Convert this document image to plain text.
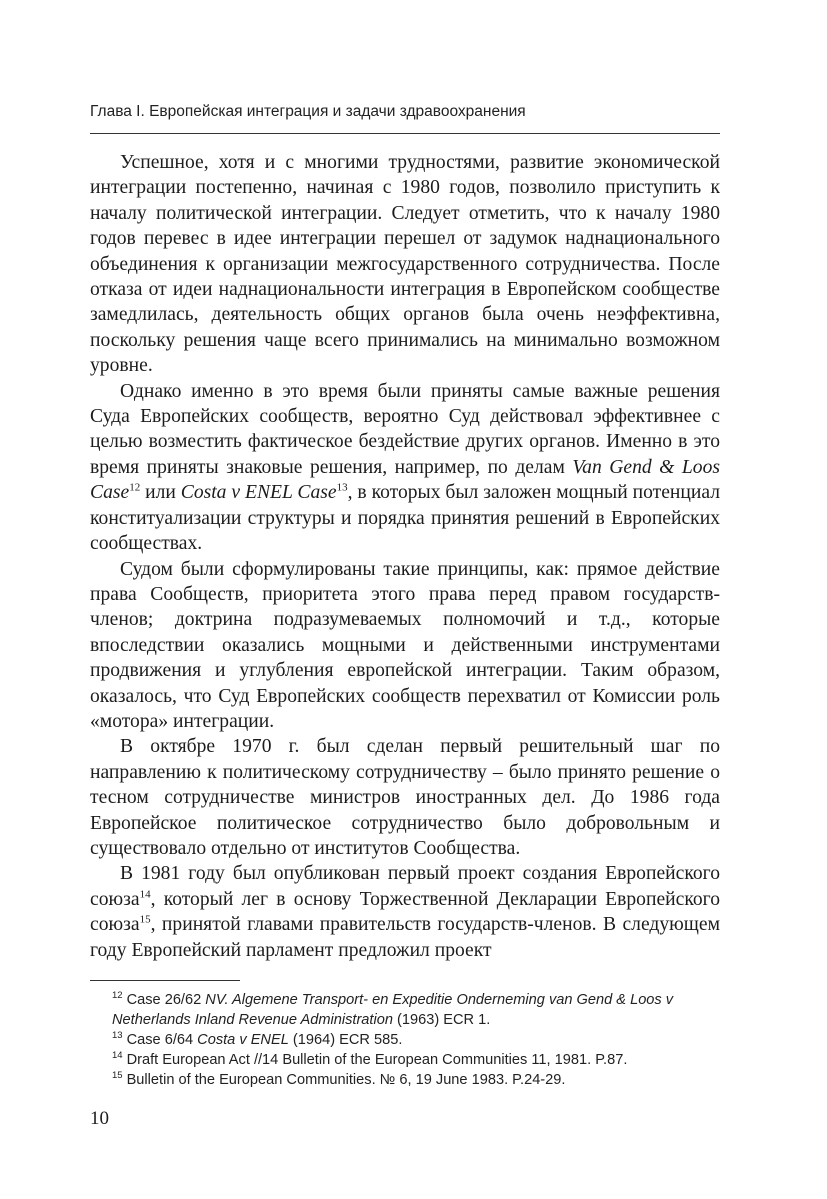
Глава I. Европейская интеграция и задачи здравоохранения

Успешное, хотя и с многими трудностями, развитие экономической интеграции постепенно, начиная с 1980 годов, позволило приступить к началу политической интеграции. Следует отметить, что к началу 1980 годов перевес в идее интеграции перешел от задумок наднационального объединения к организации межгосударственного сотрудничества. После отказа от идеи наднациональности интеграция в Европейском сообществе замедлилась, деятельность общих органов была очень неэффективна, поскольку решения чаще всего принимались на минимально возможном уровне.

Однако именно в это время были приняты самые важные решения Суда Европейских сообществ, вероятно Суд действовал эффективнее с целью возместить фактическое бездействие других органов. Именно в это время приняты знаковые решения, например, по делам Van Gend & Loos Case$^{12}$ или Costa v ENEL Case$^{13}$, в которых был заложен мощный потенциал конституализации структуры и порядка принятия решений в Европейских сообществах.

Судом были сформулированы такие принципы, как: прямое действие права Сообществ, приоритета этого права перед правом государств-членов; доктрина подразумеваемых полномочий и т.д., которые впоследствии оказались мощными и действенными инструментами продвижения и углубления европейской интеграции. Таким образом, оказалось, что Суд Европейских сообществ перехватил от Комиссии роль «мотора» интеграции.

В октябре 1970 г. был сделан первый решительный шаг по направлению к политическому сотрудничеству – было принято решение о тесном сотрудничестве министров иностранных дел. До 1986 года Европейское политическое сотрудничество было добровольным и существовало отдельно от институтов Сообщества.

В 1981 году был опубликован первый проект создания Европейского союза$^{14}$, который лег в основу Торжественной Декларации Европейского союза$^{15}$, принятой главами правительств государств-членов. В следующем году Европейский парламент предложил проект

$^{12}$ Case 26/62 NV. Algemene Transport- en Expeditie Onderneming van Gend & Loos v Netherlands Inland Revenue Administration (1963) ECR 1.

$^{13}$ Case 6/64 Costa v ENEL (1964) ECR 585.

$^{14}$ Draft European Act //14 Bulletin of the European Communities 11, 1981. P.87.

$^{15}$ Bulletin of the European Communities. № 6, 19 June 1983. P.24-29.

10
